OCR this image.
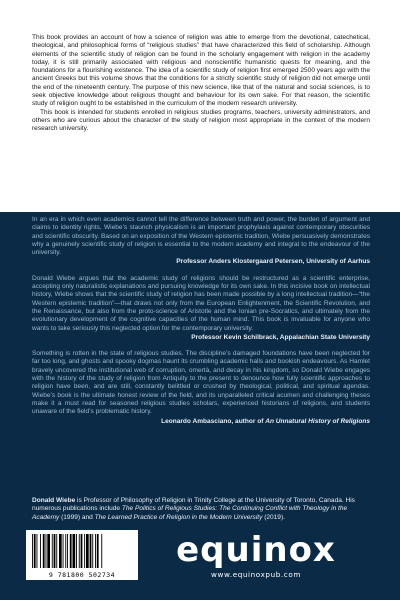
This book provides an account of how a science of religion was able to emerge from the devotional, catechetical, theological, and philosophical forms of “religious studies” that have characterized this field of scholarship. Although elements of the scientific study of religion can be found in the scholarly engagement with religion in the academy today, it is still primarily associated with religious and nonscientific humanistic quests for meaning, and the foundations for a flourishing existence. The idea of a scientific study of religion first emerged 2500 years ago with the ancient Greeks but this volume shows that the conditions for a strictly scientific study of religion did not emerge until the end of the nineteenth century. The purpose of this new science, like that of the natural and social sciences, is to seek objective knowledge about religious thought and behaviour for its own sake. For that reason, the scientific study of religion ought to be established in the curriculum of the modern research university.

This book is intended for students enrolled in religious studies programs, teachers, university administrators, and others who are curious about the character of the study of religion most appropriate in the context of the modern research university.

In an era in which even academics cannot tell the difference between truth and power, the burden of argument and claims to identity rights, Wiebe’s staunch physicalism is an important prophylaxis against contemporary obscurities and scientific obscurity. Based on an exposition of the Western epistemic tradition, Wiebe persuasively demonstrates why a genuinely scientific study of religion is essential to the modern academy and integral to the endeavour of the university.

Professor Anders Klostergaard Petersen, University of Aarhus

Donald Wiebe argues that the academic study of religions should be restructured as a scientific enterprise, accepting only naturalistic explanations and pursuing knowledge for its own sake. In this incisive book on intellectual history, Wiebe shows that the scientific study of religion has been made possible by a long intellectual tradition—“the Western epistemic tradition”—that draws not only from the European Enlightenment, the Scientific Revolution, and the Renaissance, but also from the proto-science of Aristotle and the Ionian pre-Socratics, and ultimately from the evolutionary development of the cognitive capacities of the human mind. This book is invaluable for anyone who wants to take seriously this neglected option for the contemporary university.

Professor Kevin Schilbrack, Appalachian State University

Something is rotten in the state of religious studies. The discipline’s damaged foundations have been neglected for far too long, and ghosts and spooky dogmas haunt its crumbling academic halls and bookish endeavours. As Hamlet bravely uncovered the institutional web of corruption, omertà, and decay in his kingdom, so Donald Wiebe engages with the history of the study of religion from Antiquity to the present to denounce how fully scientific approaches to religion have been, and are still, constantly belittled or crushed by theological, political, and spiritual agendas. Wiebe’s book is the ultimate honest review of the field, and its unparalleled critical acumen and challenging theses make it a must read for seasoned religious studies scholars, experienced historians of religions, and students unaware of the field’s problematic history.

Leonardo Ambasciano, author of An Unnatural History of Religions

Donald Wiebe is Professor of Philosophy of Religion in Trinity College at the University of Toronto, Canada. His numerous publications include The Politics of Religious Studies: The Continuing Conflict with Theology in the Academy (1999) and The Learned Practice of Religion in the Modern University (2019).

9 781800 502734
equinox
www.equinoxpub.com
